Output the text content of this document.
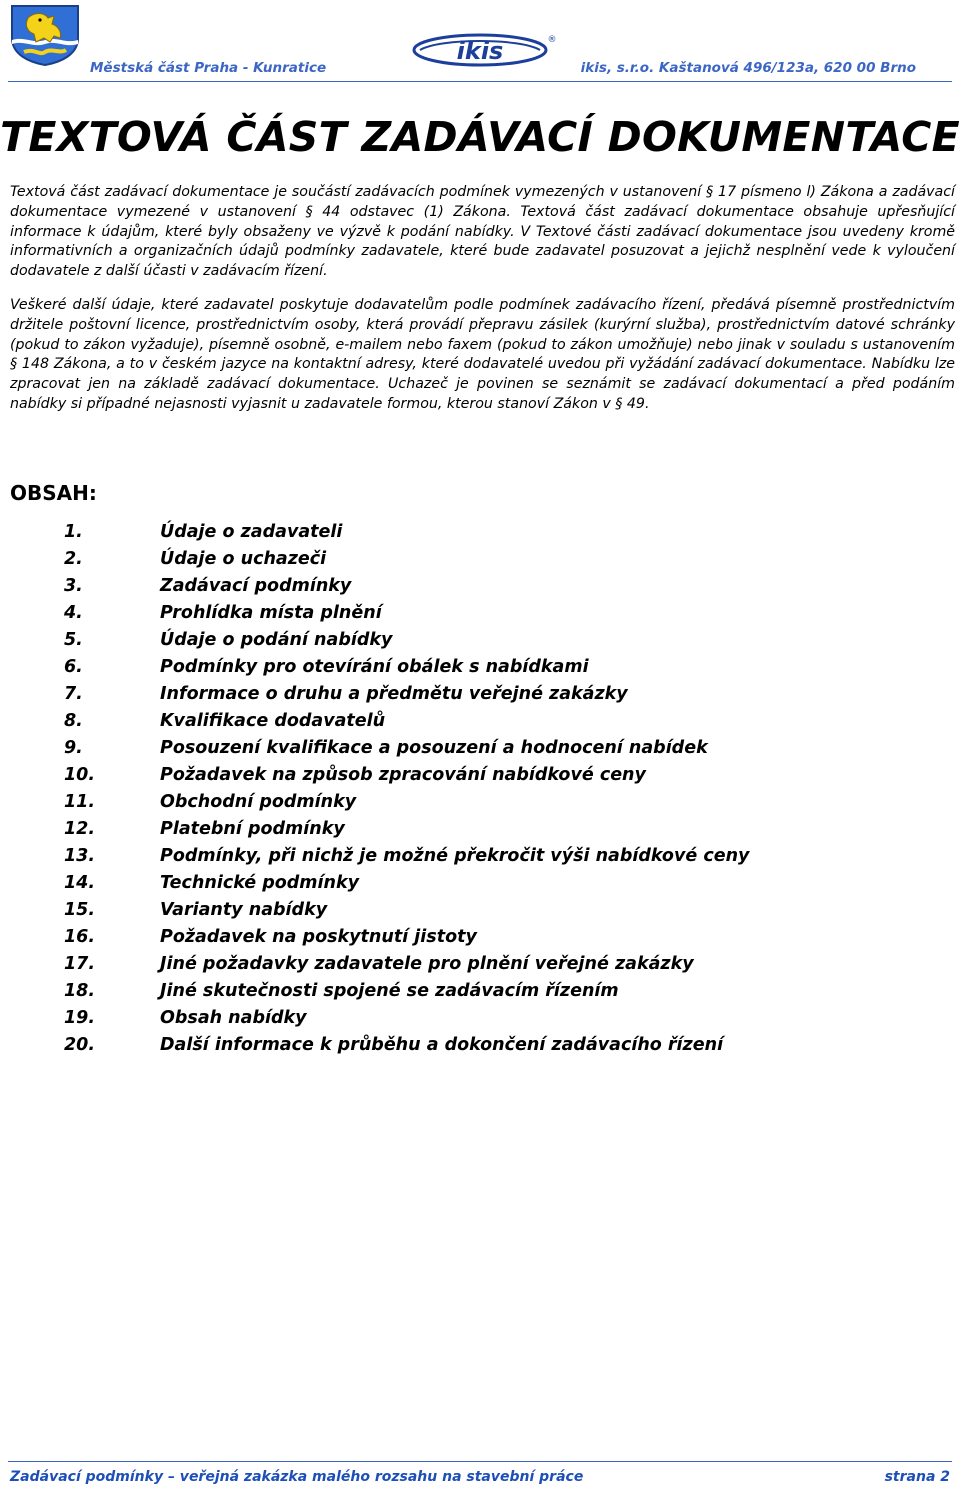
Městská část Praha - Kunratice
ikis	®
ikis, s.r.o. Kaštanová 496/123a, 620 00 Brno
TEXTOVÁ ČÁST ZADÁVACÍ DOKUMENTACE

Textová část zadávací dokumentace je součástí zadávacích podmínek vymezených v ustanovení § 17 písmeno l) Zákona a zadávací dokumentace vymezené v ustanovení § 44 odstavec (1) Zákona. Textová část zadávací dokumentace obsahuje upřesňující informace k údajům, které byly obsaženy ve výzvě k podání nabídky. V Textové části zadávací dokumentace jsou uvedeny kromě informativních a organizačních údajů podmínky zadavatele, které bude zadavatel posuzovat a jejichž nesplnění vede k vyloučení dodavatele z další účasti v zadávacím řízení.

Veškeré další údaje, které zadavatel poskytuje dodavatelům podle podmínek zadávacího řízení, předává písemně prostřednictvím držitele poštovní licence, prostřednictvím osoby, která provádí přepravu zásilek (kurýrní služba), prostřednictvím datové schránky (pokud to zákon vyžaduje), písemně osobně, e-mailem nebo faxem (pokud to zákon umožňuje) nebo jinak v souladu s ustanovením § 148 Zákona, a to v českém jazyce na kontaktní adresy, které dodavatelé uvedou při vyžádání zadávací dokumentace. Nabídku lze zpracovat jen na základě zadávací dokumentace. Uchazeč je povinen se seznámit se zadávací dokumentací a před podáním nabídky si případné nejasnosti vyjasnit u zadavatele formou, kterou stanoví Zákon v § 49.

OBSAH:
1.	Údaje o zadavateli
2.	Údaje o uchazeči
3.	Zadávací podmínky
4.	Prohlídka místa plnění
5.	Údaje o podání nabídky
6.	Podmínky pro otevírání obálek s nabídkami
7.	Informace o druhu a předmětu veřejné zakázky
8.	Kvalifikace dodavatelů
9.	Posouzení kvalifikace a posouzení a hodnocení nabídek
10.	Požadavek na způsob zpracování nabídkové ceny
11.	Obchodní podmínky
12.	Platební podmínky
13.	Podmínky, při nichž je možné překročit výši nabídkové ceny
14.	Technické podmínky
15.	Varianty nabídky
16.	Požadavek na poskytnutí jistoty
17.	Jiné požadavky zadavatele pro plnění veřejné zakázky
18.	Jiné skutečnosti spojené se zadávacím řízením
19.	Obsah nabídky
20.	Další informace k průběhu a dokončení zadávacího řízení
Zadávací podmínky – veřejná zakázka malého rozsahu na stavební práce	strana 2
